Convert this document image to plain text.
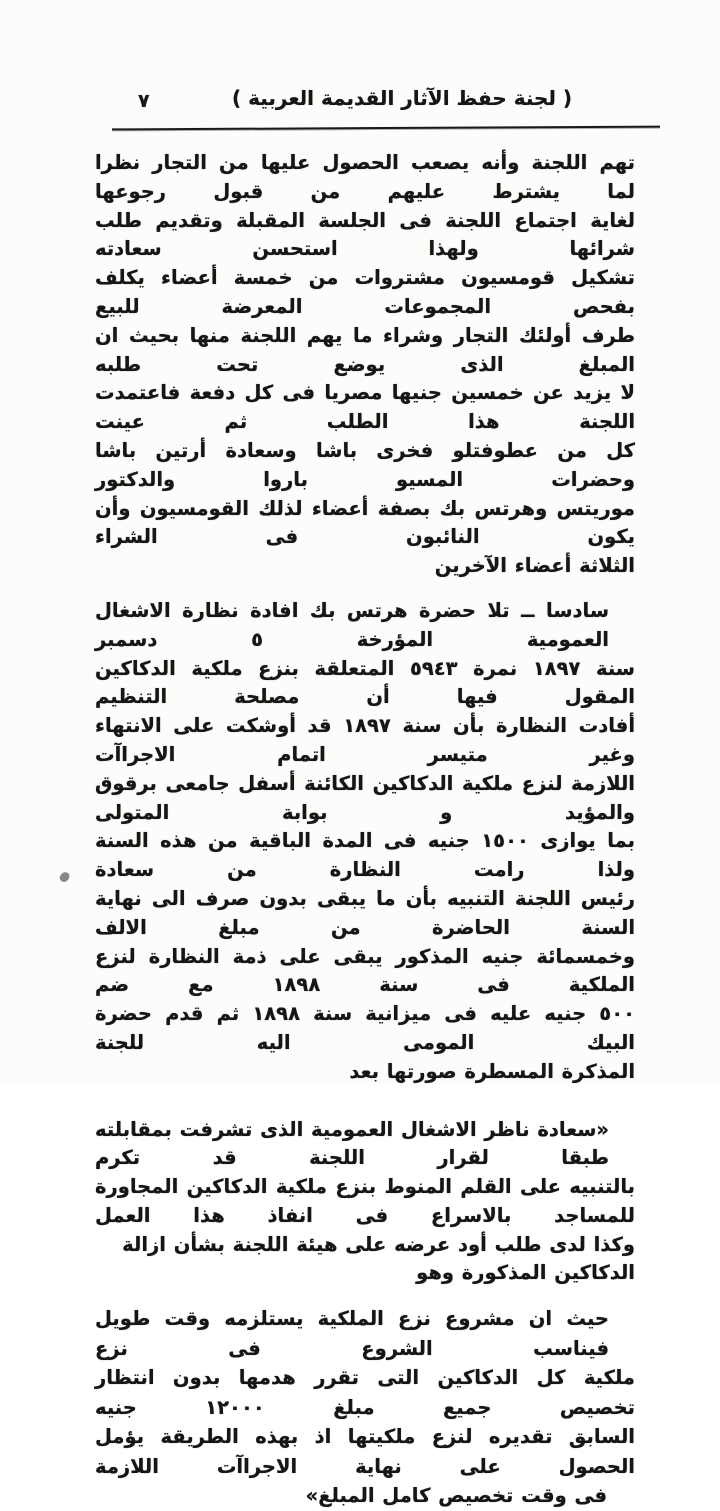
٧	( لجنة حفظ الآثار القديمة العربية )
تهم اللجنة وأنه يصعب الحصول عليها من التجار نظرا لما يشترط عليهم من قبول رجوعها
لغاية اجتماع اللجنة فى الجلسة المقبلة وتقديم طلب شرائها ولهذا استحسن سعادته
تشكيل قومسيون مشتروات من خمسة أعضاء يكلف بفحص المجموعات المعرضة للبيع
طرف أولئك التجار وشراء ما يهم اللجنة منها بحيث ان المبلغ الذى يوضع تحت طلبه
لا يزيد عن خمسين جنيها مصريا فى كل دفعة فاعتمدت اللجنة هذا الطلب ثم عينت
كل من عطوفتلو فخرى باشا وسعادة أرتين باشا وحضرات المسيو باروا والدكتور
موريتس وهرتس بك بصفة أعضاء لذلك القومسيون وأن يكون النائبون فى الشراء
الثلاثة أعضاء الآخرين
سادسا ــ تلا حضرة هرتس بك افادة نظارة الاشغال العمومية المؤرخة ٥ دسمبر
سنة ١٨٩٧ نمرة ٥٩٤٣ المتعلقة بنزع ملكية الدكاكين المقول فيها أن مصلحة التنظيم
أفادت النظارة بأن سنة ١٨٩٧ قد أوشكت على الانتهاء وغير متيسر اتمام الاجراآت
اللازمة لنزع ملكية الدكاكين الكائنة أسفل جامعى برقوق والمؤيد و بوابة المتولى
بما يوازى ١٥٠٠ جنيه فى المدة الباقية من هذه السنة ولذا رامت النظارة من سعادة
رئيس اللجنة التنبيه بأن ما يبقى بدون صرف الى نهاية السنة الحاضرة من مبلغ الالف
وخمسمائة جنيه المذكور يبقى على ذمة النظارة لنزع الملكية فى سنة ١٨٩٨ مع ضم
٥٠٠ جنيه عليه فى ميزانية سنة ١٨٩٨ ثم قدم حضرة البيك المومى اليه للجنة
المذكرة المسطرة صورتها بعد
«سعادة ناظر الاشغال العمومية الذى تشرفت بمقابلته طبقا لقرار اللجنة قد تكرم
بالتنبيه على القلم المنوط بنزع ملكية الدكاكين المجاورة للمساجد بالاسراع فى انفاذ هذا العمل
وكذا لدى طلب أود عرضه على هيئة اللجنة بشأن ازالة الدكاكين المذكورة وهو
حيث ان مشروع نزع الملكية يستلزمه وقت طويل فيناسب الشروع فى نزع
ملكية كل الدكاكين التى تقرر هدمها بدون انتظار تخصيص جميع مبلغ ١٢٠٠٠ جنيه
السابق تقديره لنزع ملكيتها اذ بهذه الطريقة يؤمل الحصول على نهاية الاجراآت اللازمة
فى وقت تخصيص كامل المبلغ»
